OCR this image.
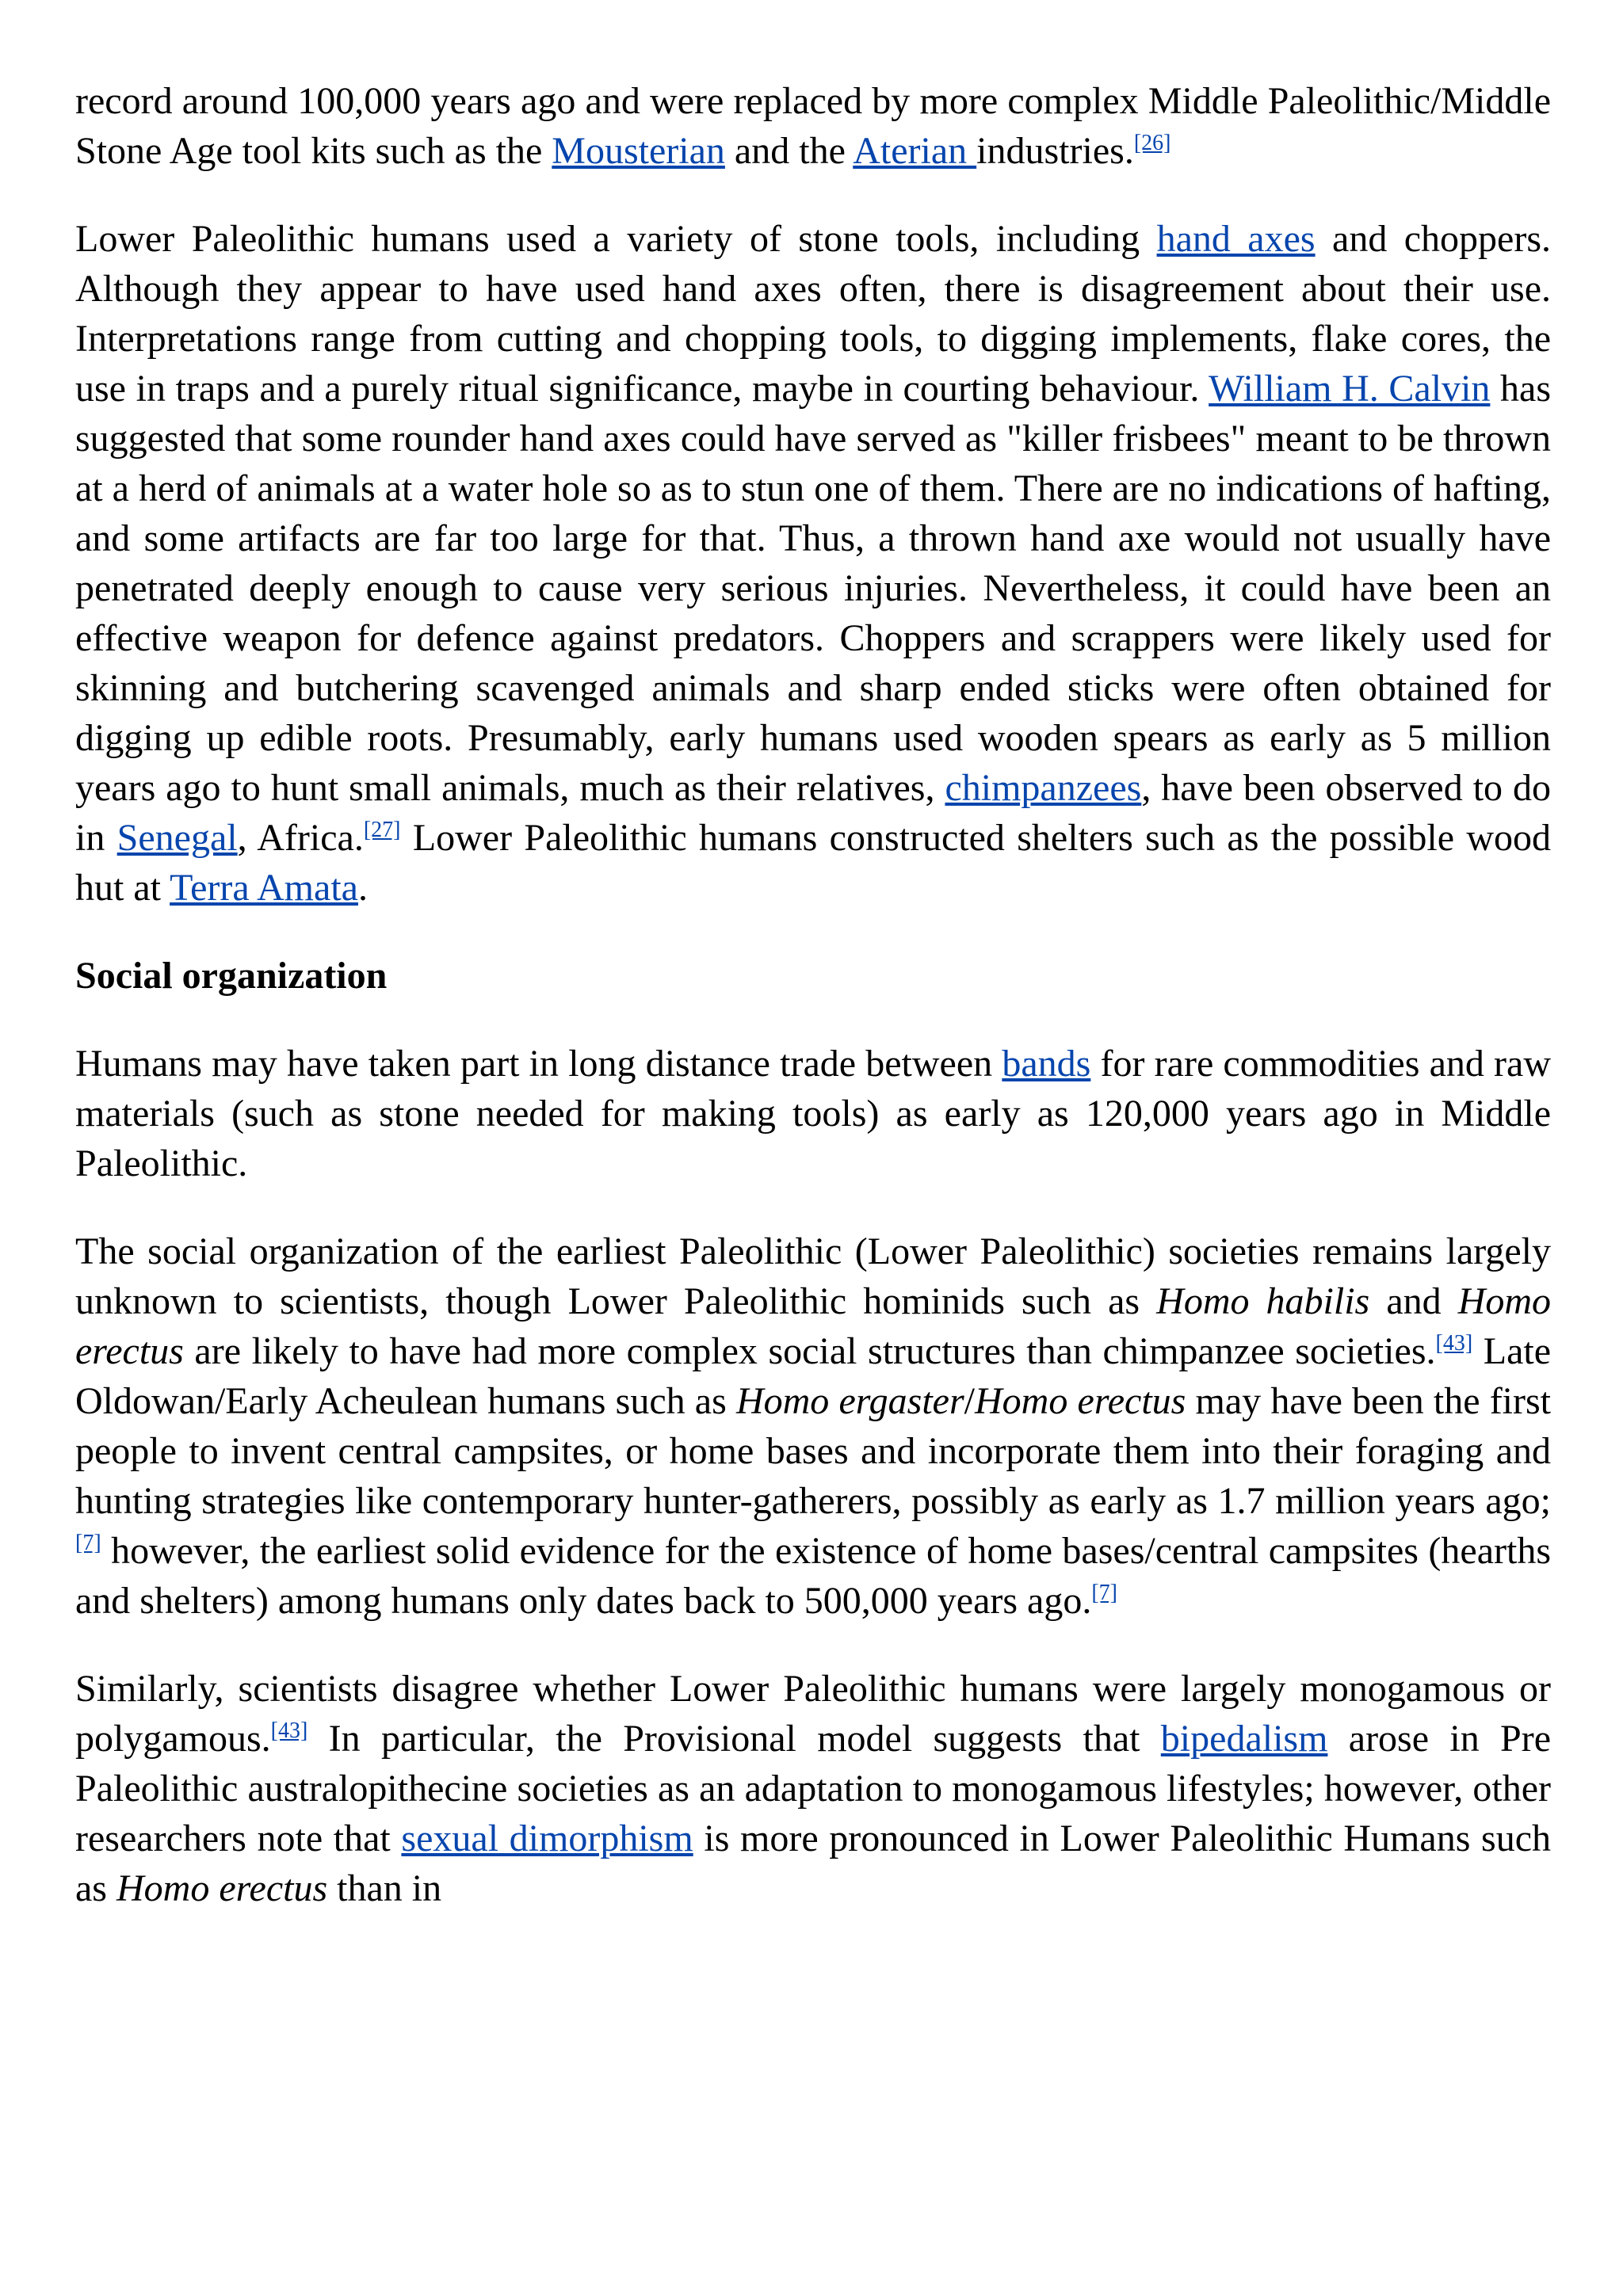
record around 100,000 years ago and were replaced by more complex Middle Paleolithic/Middle Stone Age tool kits such as the Mousterian and the Aterian industries.[26]

Lower Paleolithic humans used a variety of stone tools, including hand axes and choppers. Although they appear to have used hand axes often, there is disagreement about their use. Interpretations range from cutting and chopping tools, to digging implements, flake cores, the use in traps and a purely ritual significance, maybe in courting behaviour. William H. Calvin has suggested that some rounder hand axes could have served as "killer frisbees" meant to be thrown at a herd of animals at a water hole so as to stun one of them. There are no indications of hafting, and some artifacts are far too large for that. Thus, a thrown hand axe would not usually have penetrated deeply enough to cause very serious injuries. Nevertheless, it could have been an effective weapon for defence against predators. Choppers and scrappers were likely used for skinning and butchering scavenged animals and sharp ended sticks were often obtained for digging up edible roots. Presumably, early humans used wooden spears as early as 5 million years ago to hunt small animals, much as their relatives, chimpanzees, have been observed to do in Senegal, Africa.[27] Lower Paleolithic humans constructed shelters such as the possible wood hut at Terra Amata.

Social organization

Humans may have taken part in long distance trade between bands for rare commodities and raw materials (such as stone needed for making tools) as early as 120,000 years ago in Middle Paleolithic.

The social organization of the earliest Paleolithic (Lower Paleolithic) societies remains largely unknown to scientists, though Lower Paleolithic hominids such as Homo habilis and Homo erectus are likely to have had more complex social structures than chimpanzee societies.[43] Late Oldowan/Early Acheulean humans such as Homo ergaster/Homo erectus may have been the first people to invent central campsites, or home bases and incorporate them into their foraging and hunting strategies like contemporary hunter-gatherers, possibly as early as 1.7 million years ago;[7] however, the earliest solid evidence for the existence of home bases/central campsites (hearths and shelters) among humans only dates back to 500,000 years ago.[7]

Similarly, scientists disagree whether Lower Paleolithic humans were largely monogamous or polygamous.[43] In particular, the Provisional model suggests that bipedalism arose in Pre Paleolithic australopithecine societies as an adaptation to monogamous lifestyles; however, other researchers note that sexual dimorphism is more pronounced in Lower Paleolithic Humans such as Homo erectus than in
